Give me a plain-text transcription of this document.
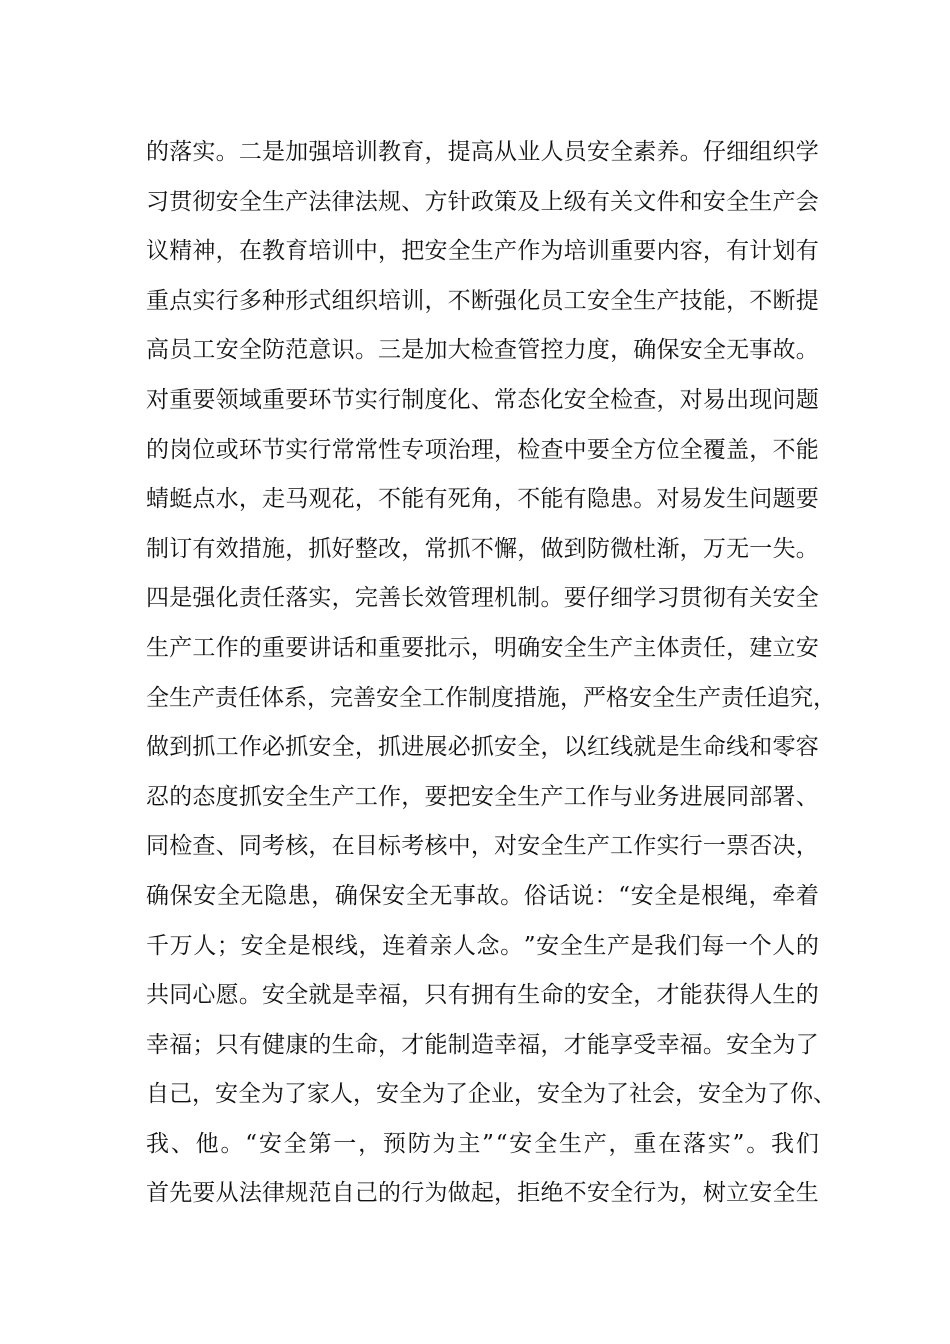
的 落 实 。 二 是 加 强 培 训 教 育 ， 提 高 从 业 人 员 安 全 素 养 。 仔 细 组 织 学
习 贯 彻 安 全 生 产 法 律 法 规 、 方 针 政 策 及 上 级 有 关 文 件 和 安 全 生 产 会
议 精 神 ， 在 教 育 培 训 中 ， 把 安 全 生 产 作 为 培 训 重 要 内 容 ， 有 计 划 有
重 点 实 行 多 种 形 式 组 织 培 训 ， 不 断 强 化 员 工 安 全 生 产 技 能 ， 不 断 提
高 员 工 安 全 防 范 意 识 。 三 是 加 大 检 查 管 控 力 度 ， 确 保 安 全 无 事 故 。
对 重 要 领 域 重 要 环 节 实 行 制 度 化 、 常 态 化 安 全 检 查 ， 对 易 出 现 问 题
的 岗 位 或 环 节 实 行 常 常 性 专 项 治 理 ， 检 查 中 要 全 方 位 全 覆 盖 ， 不 能
蜻 蜓 点 水 ， 走 马 观 花 ， 不 能 有 死 角 ， 不 能 有 隐 患 。 对 易 发 生 问 题 要
制 订 有 效 措 施 ， 抓 好 整 改 ， 常 抓 不 懈 ， 做 到 防 微 杜 渐 ， 万 无 一 失 。
四 是 强 化 责 任 落 实 ， 完 善 长 效 管 理 机 制 。 要 仔 细 学 习 贯 彻 有 关 安 全
生 产 工 作 的 重 要 讲 话 和 重 要 批 示 ， 明 确 安 全 生 产 主 体 责 任 ， 建 立 安
全 生 产 责 任 体 系 ， 完 善 安 全 工 作 制 度 措 施 ， 严 格 安 全 生 产 责 任 追 究 ，
做 到 抓 工 作 必 抓 安 全 ， 抓 进 展 必 抓 安 全 ， 以 红 线 就 是 生 命 线 和 零 容
忍 的 态 度 抓 安 全 生 产 工 作 ， 要 把 安 全 生 产 工 作 与 业 务 进 展 同 部 署 、
同 检 查 、 同 考 核 ， 在 目 标 考 核 中 ， 对 安 全 生 产 工 作 实 行 一 票 否 决 ，
确 保 安 全 无 隐 患 ， 确 保 安 全 无 事 故 。 俗 话 说 ： “ 安 全 是 根 绳 ， 牵 着
千 万 人 ； 安 全 是 根 线 ， 连 着 亲 人 念 。 ” 安 全 生 产 是 我 们 每 一 个 人 的
共 同 心 愿 。 安 全 就 是 幸 福 ， 只 有 拥 有 生 命 的 安 全 ， 才 能 获 得 人 生 的
幸 福 ； 只 有 健 康 的 生 命 ， 才 能 制 造 幸 福 ， 才 能 享 受 幸 福 。 安 全 为 了
自 己 ， 安 全 为 了 家 人 ， 安 全 为 了 企 业 ， 安 全 为 了 社 会 ， 安 全 为 了 你 、
我 、 他 。 “ 安 全 第 一 ， 预 防 为 主 ” “ 安 全 生 产 ， 重 在 落 实 ” 。 我 们
首 先 要 从 法 律 规 范 自 己 的 行 为 做 起 ， 拒 绝 不 安 全 行 为 ， 树 立 安 全 生
